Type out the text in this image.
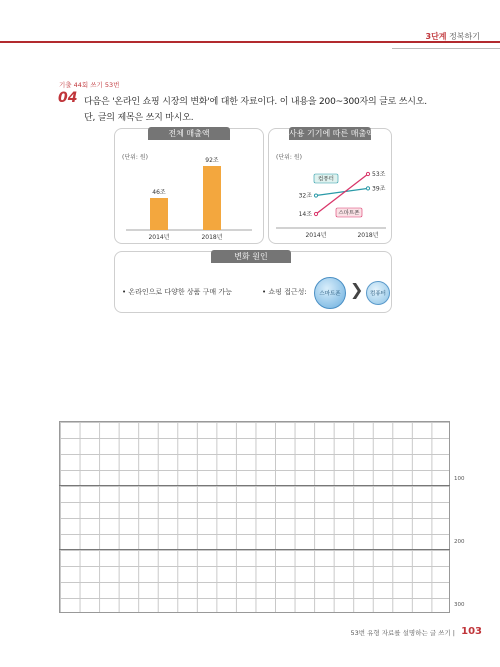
3단계 정복하기
기출 44회 쓰기 53번
04 다음은 '온라인 쇼핑 시장의 변화'에 대한 자료이다. 이 내용을 200~300자의 글로 쓰시오.
단, 글의 제목은 쓰지 마시오.
전체 매출액
(단위: 원)
46조
2014년
92조
2018년
사용 기기에 따른 매출액
(단위: 원)
32조
39조
14조
53조
컴퓨터
스마트폰
2014년	2018년
변화 원인
• 온라인으로 다양한 상품 구매 가능	• 쇼핑 접근성:	스마트폰 ❯	컴퓨터
100
200
300
53번 유형 자료를 설명하는 글 쓰기 | 103
